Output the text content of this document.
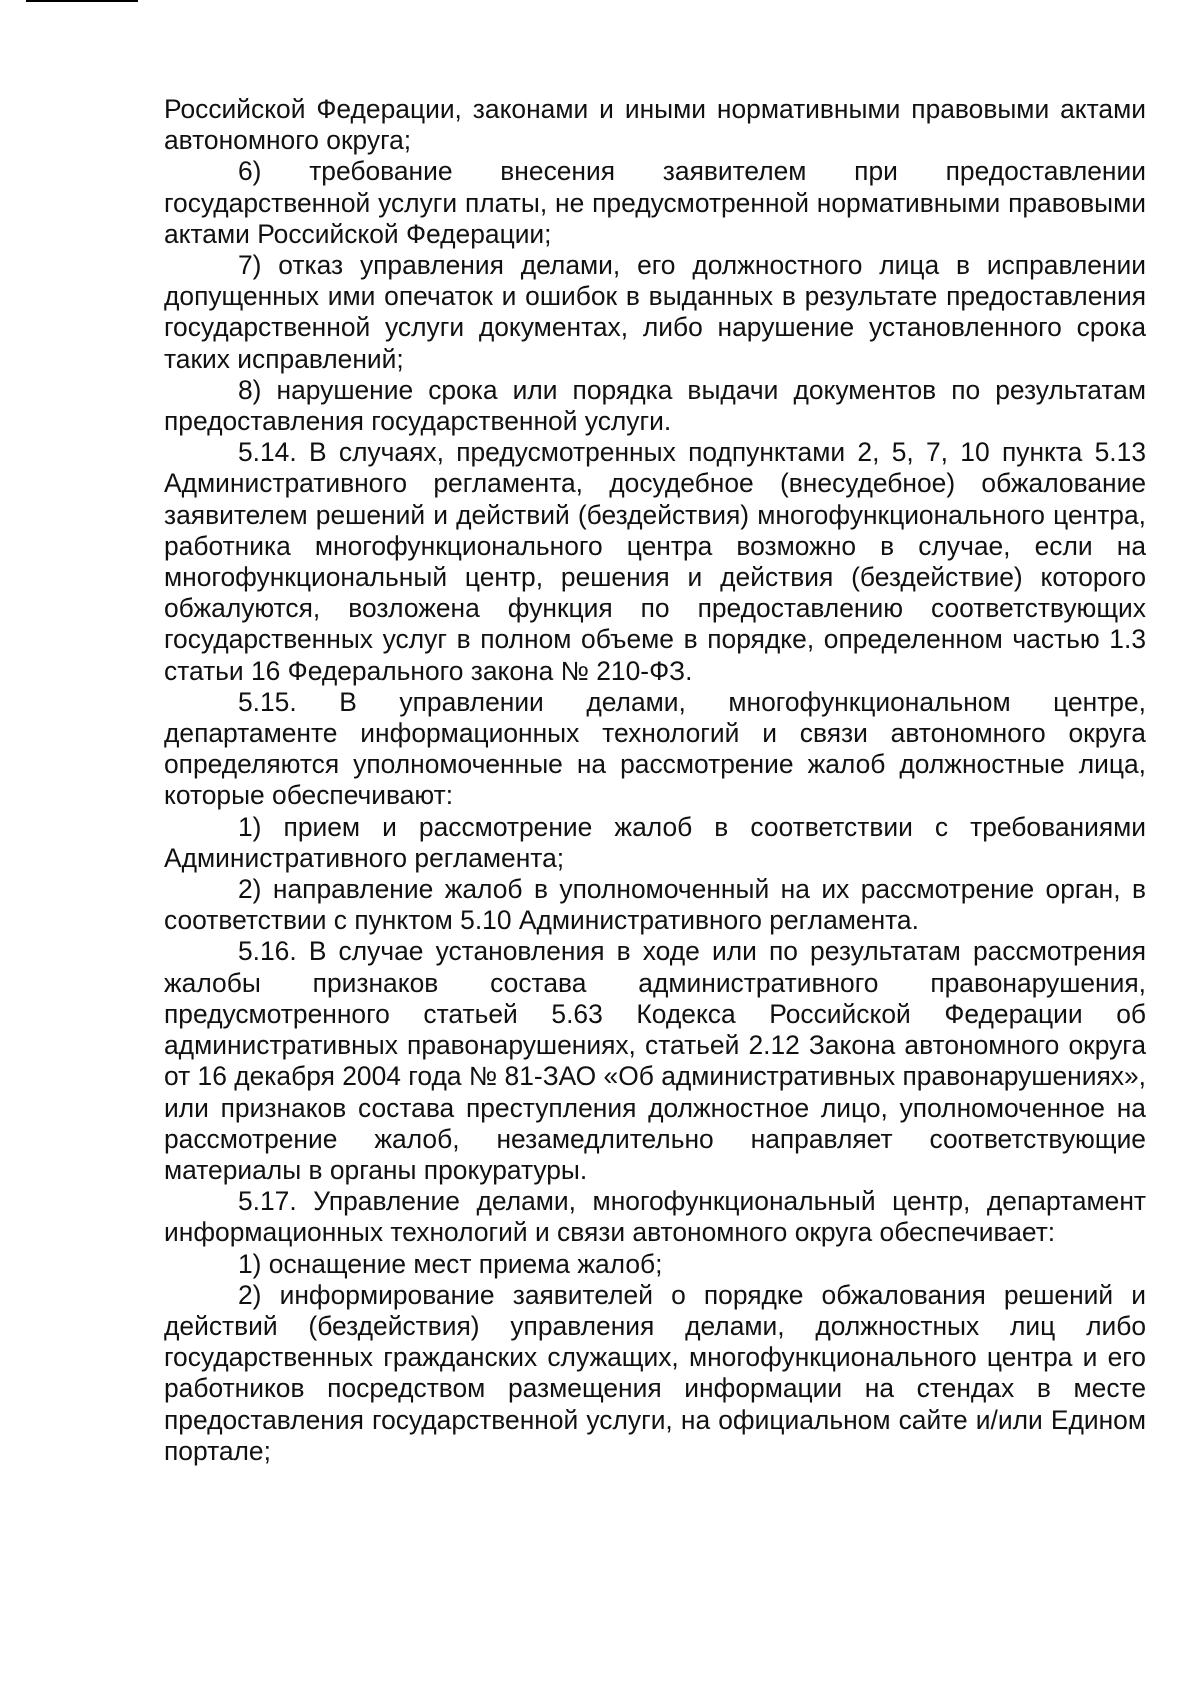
Российской Федерации, законами и иными нормативными правовыми актами автономного округа;

6) требование внесения заявителем при предоставлении государственной услуги платы, не предусмотренной нормативными правовыми актами Российской Федерации;

7) отказ управления делами, его должностного лица в исправлении допущенных ими опечаток и ошибок в выданных в результате предоставления государственной услуги документах, либо нарушение установленного срока таких исправлений;

8) нарушение срока или порядка выдачи документов по результатам предоставления государственной услуги.

5.14. В случаях, предусмотренных подпунктами 2, 5, 7, 10 пункта 5.13 Административного регламента, досудебное (внесудебное) обжалование заявителем решений и действий (бездействия) многофункционального центра, работника многофункционального центра возможно в случае, если на многофункциональный центр, решения и действия (бездействие) которого обжалуются, возложена функция по предоставлению соответствующих государственных услуг в полном объеме в порядке, определенном частью 1.3 статьи 16 Федерального закона № 210-ФЗ.

5.15. В управлении делами, многофункциональном центре, департаменте информационных технологий и связи автономного округа определяются уполномоченные на рассмотрение жалоб должностные лица, которые обеспечивают:

1) прием и рассмотрение жалоб в соответствии с требованиями Административного регламента;

2) направление жалоб в уполномоченный на их рассмотрение орган, в соответствии с пунктом 5.10 Административного регламента.

5.16. В случае установления в ходе или по результатам рассмотрения жалобы признаков состава административного правонарушения, предусмотренного статьей 5.63 Кодекса Российской Федерации об административных правонарушениях, статьей 2.12 Закона автономного округа от 16 декабря 2004 года № 81-ЗАО «Об административных правонарушениях», или признаков состава преступления должностное лицо, уполномоченное на рассмотрение жалоб, незамедлительно направляет соответствующие материалы в органы прокуратуры.

5.17. Управление делами, многофункциональный центр, департамент информационных технологий и связи автономного округа обеспечивает:

1) оснащение мест приема жалоб;

2) информирование заявителей о порядке обжалования решений и действий (бездействия) управления делами, должностных лиц либо государственных гражданских служащих, многофункционального центра и его работников посредством размещения информации на стендах в месте предоставления государственной услуги, на официальном сайте и/или Едином портале;
